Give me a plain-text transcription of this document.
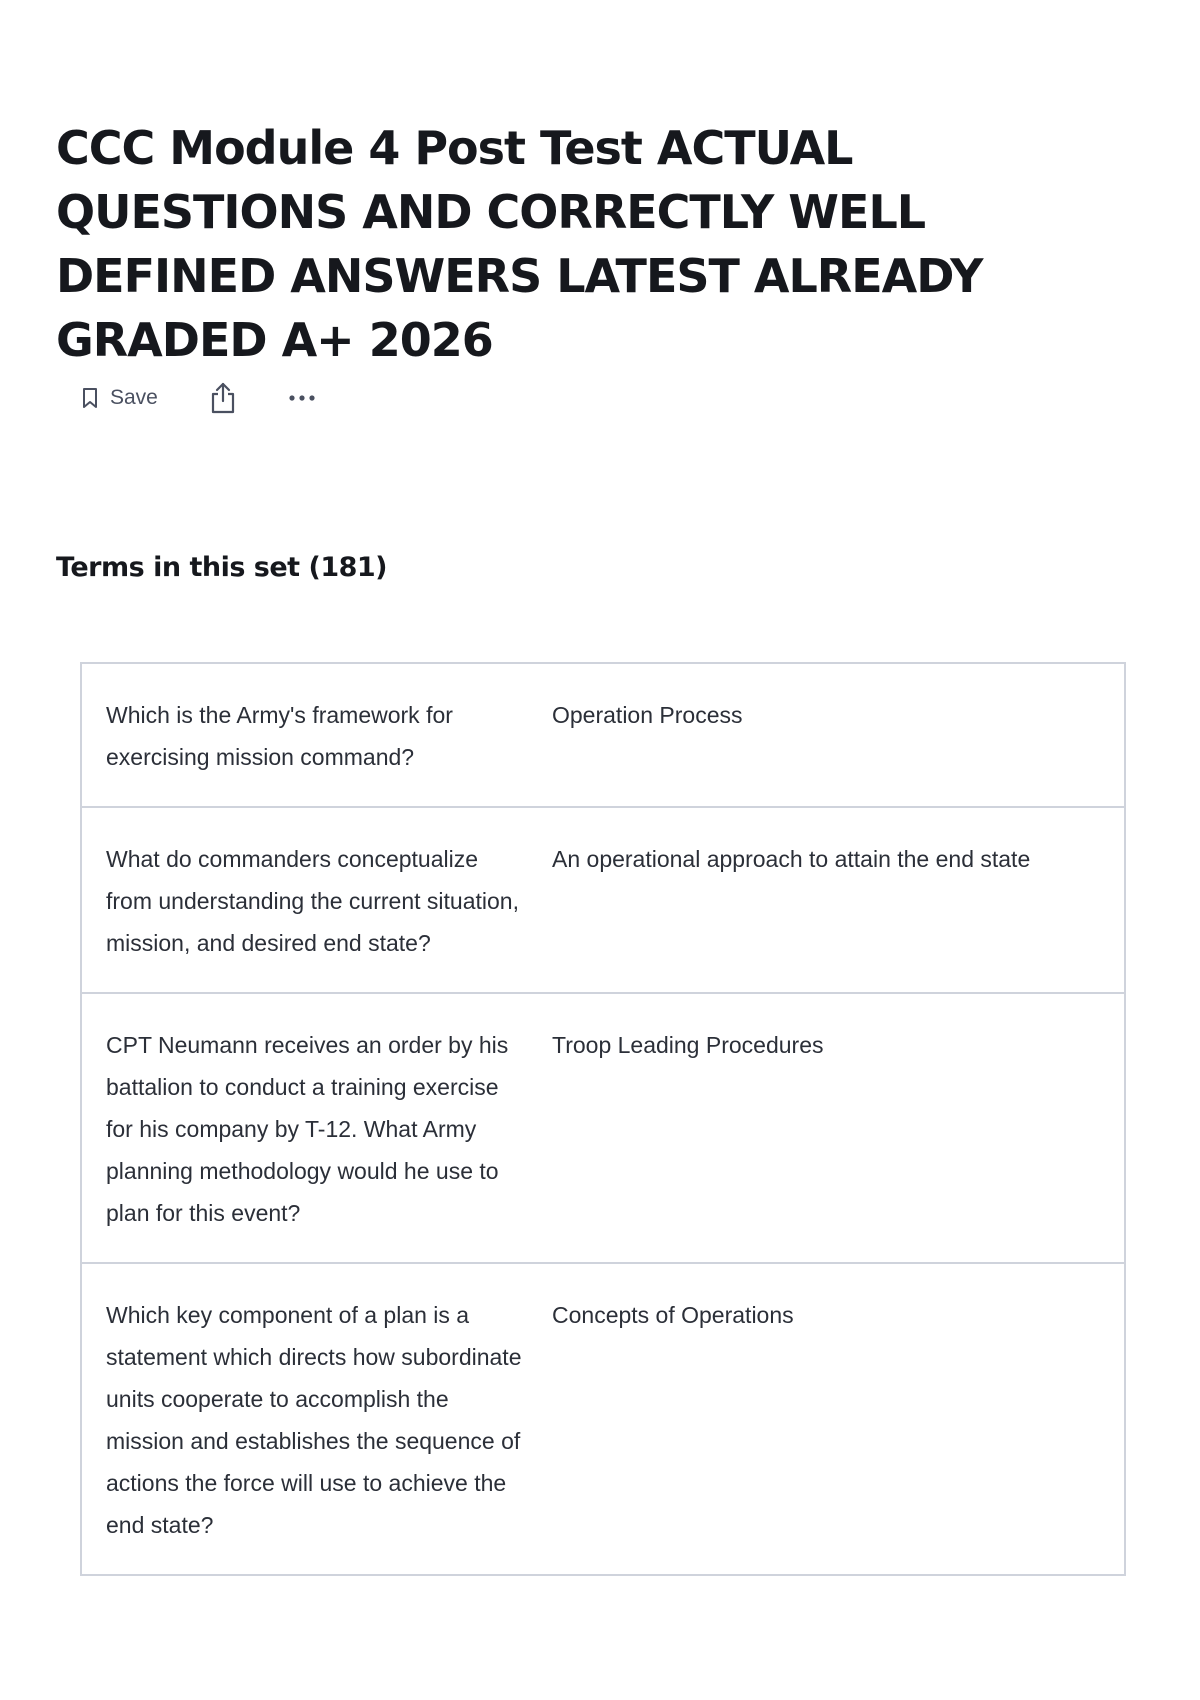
CCC Module 4 Post Test ACTUAL QUESTIONS AND CORRECTLY WELL DEFINED ANSWERS LATEST ALREADY GRADED A+ 2026
Save
Terms in this set (181)
Which is the Army's framework for exercising mission command?
Operation Process
What do commanders conceptualize from understanding the current situation, mission, and desired end state?
An operational approach to attain the end state
CPT Neumann receives an order by his battalion to conduct a training exercise for his company by T-12. What Army planning methodology would he use to plan for this event?
Troop Leading Procedures
Which key component of a plan is a statement which directs how subordinate units cooperate to accomplish the mission and establishes the sequence of actions the force will use to achieve the end state?
Concepts of Operations
